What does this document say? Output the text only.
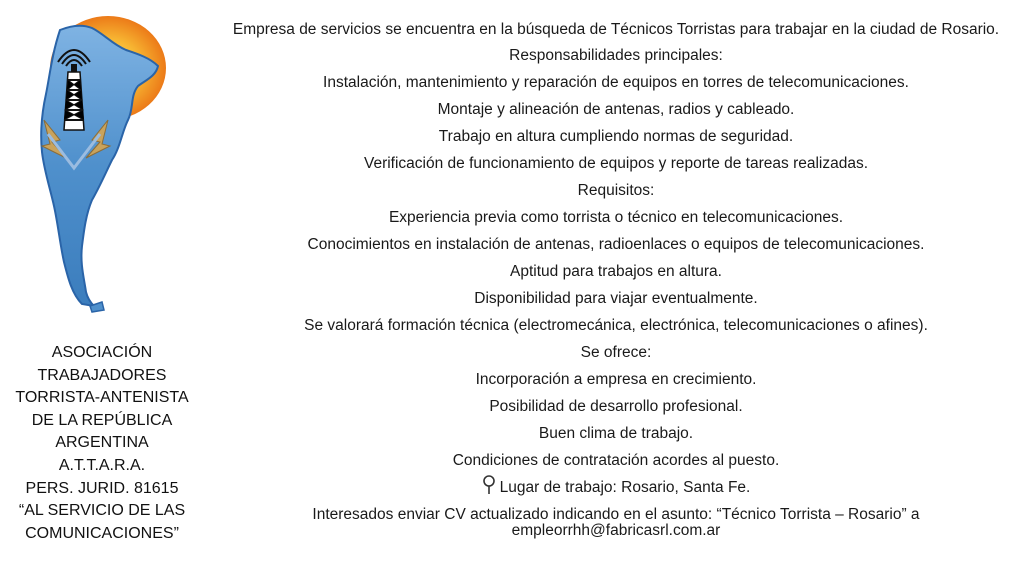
ASOCIACIÓN
TRABAJADORES
TORRISTA-ANTENISTA
DE LA REPÚBLICA
ARGENTINA
A.T.T.A.R.A.
PERS. JURID. 81615
“AL SERVICIO DE LAS
COMUNICACIONES”
Empresa de servicios se encuentra en la búsqueda de Técnicos Torristas para trabajar en la ciudad de Rosario.
Responsabilidades principales:
Instalación, mantenimiento y reparación de equipos en torres de telecomunicaciones.
Montaje y alineación de antenas, radios y cableado.
Trabajo en altura cumpliendo normas de seguridad.
Verificación de funcionamiento de equipos y reporte de tareas realizadas.
Requisitos:
Experiencia previa como torrista o técnico en telecomunicaciones.
Conocimientos en instalación de antenas, radioenlaces o equipos de telecomunicaciones.
Aptitud para trabajos en altura.
Disponibilidad para viajar eventualmente.
Se valorará formación técnica (electromecánica, electrónica, telecomunicaciones o afines).
Se ofrece:
Incorporación a empresa en crecimiento.
Posibilidad de desarrollo profesional.
Buen clima de trabajo.
Condiciones de contratación acordes al puesto.
Lugar de trabajo: Rosario, Santa Fe.
Interesados enviar CV actualizado indicando en el asunto: “Técnico Torrista – Rosario” a empleorrhh@fabricasrl.com.ar
